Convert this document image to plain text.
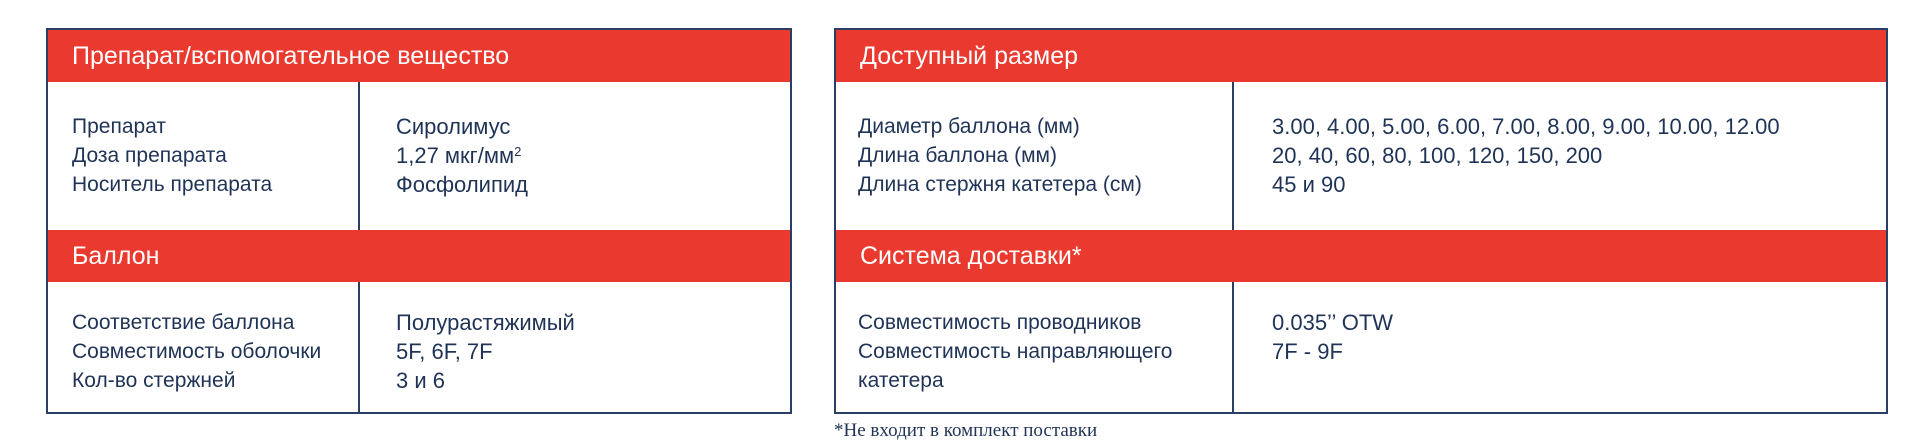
Препарат/вспомогательное вещество
Препарат
Доза препарата
Носитель препарата
Сиролимус
1,27 мкг/$мм^2$
Фосфолипид
Баллон
Соответствие баллона
Совместимость оболочки
Кол-во стержней
Полурастяжимый
5F, 6F, 7F
3 и 6
Доступный размер
Диаметр баллона (мм)
Длина баллона (мм)
Длина стержня катетера (см)
3.00, 4.00, 5.00, 6.00, 7.00, 8.00, 9.00, 10.00, 12.00
20, 40, 60, 80, 100, 120, 150, 200
45 и 90
Система доставки*
Совместимость проводников
Совместимость направляющего
катетера
0.035’’ OTW
7F - 9F
*Не входит в комплект поставки
